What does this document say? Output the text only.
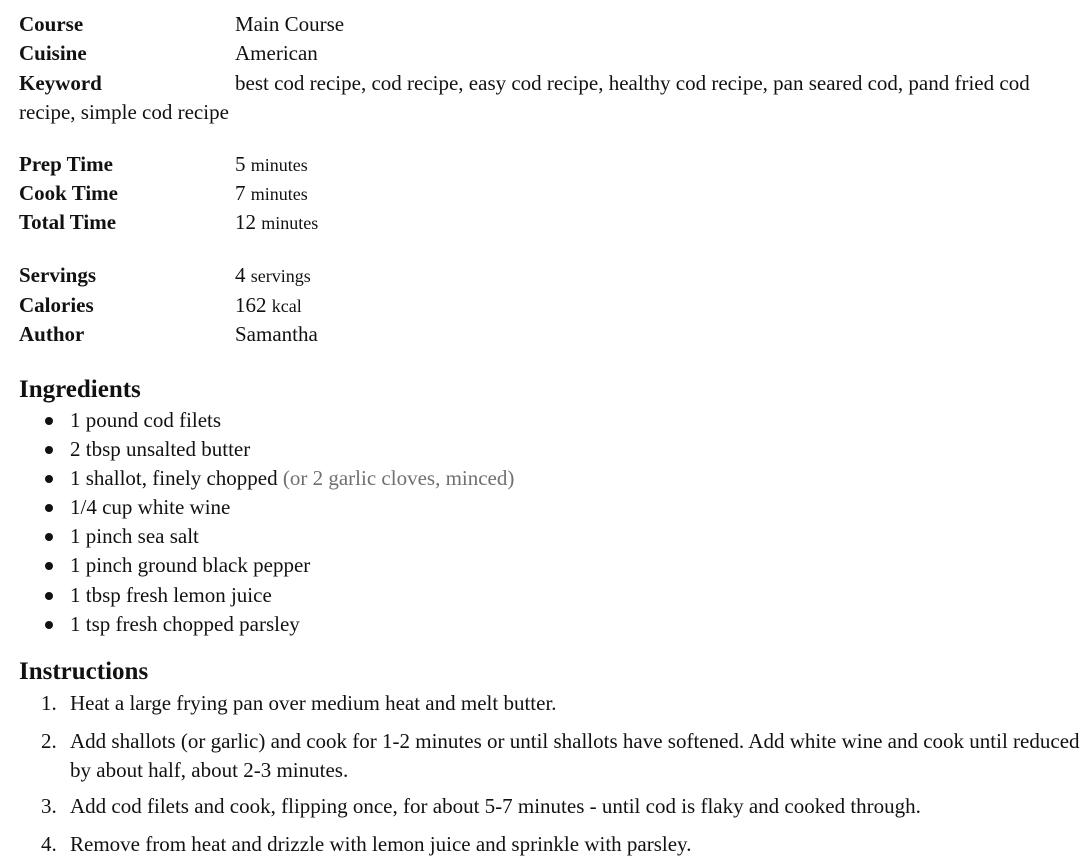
Course	Main Course
Cuisine	American
Keyword	best cod recipe, cod recipe, easy cod recipe, healthy cod recipe, pan seared cod, pand fried cod recipe, simple cod recipe
Prep Time	5 minutes
Cook Time	7 minutes
Total Time	12 minutes
Servings	4 servings
Calories	162 kcal
Author	Samantha
Ingredients
1 pound cod filets
2 tbsp unsalted butter
1 shallot, finely chopped (or 2 garlic cloves, minced)
1/4 cup white wine
1 pinch sea salt
1 pinch ground black pepper
1 tbsp fresh lemon juice
1 tsp fresh chopped parsley
Instructions
1. Heat a large frying pan over medium heat and melt butter.
2. Add shallots (or garlic) and cook for 1-2 minutes or until shallots have softened. Add white wine and cook until reduced by about half, about 2-3 minutes.
3. Add cod filets and cook, flipping once, for about 5-7 minutes - until cod is flaky and cooked through.
4. Remove from heat and drizzle with lemon juice and sprinkle with parsley.
